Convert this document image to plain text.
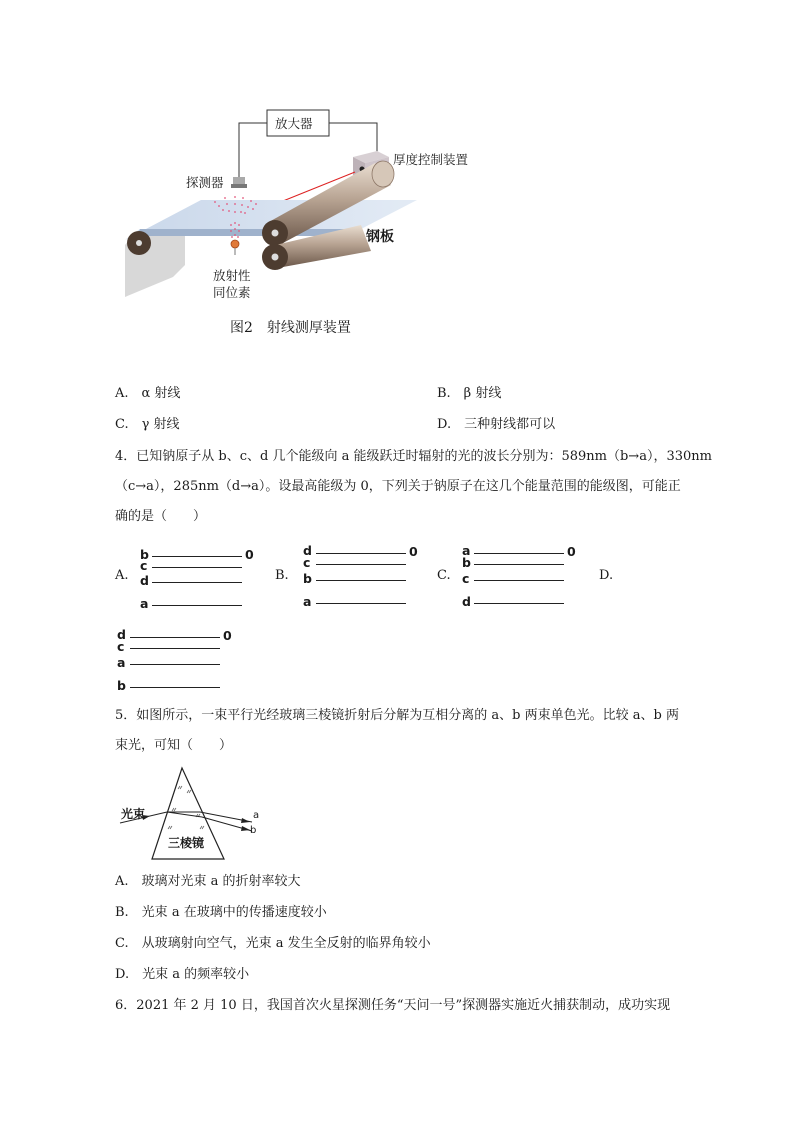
放大器
厚度控制装置
探测器
钢板
放射性
同位素
图2　射线测厚装置
A.　α 射线	B.　β 射线
C.　γ 射线	D.　三种射线都可以
4．已知钠原子从 b、c、d 几个能级向 a 能级跃迁时辐射的光的波长分别为：589nm（b→a），330nm
（c→a），285nm（d→a）。设最高能级为 0，下列关于钠原子在这几个能量范围的能级图，可能正
确的是（　　）
A.
b	0
c
d
a
B.
d	0
c
b
a
C.
a	0
b
c
d
D.
d	0
c
a
b
5．如图所示，一束平行光经玻璃三棱镜折射后分解为互相分离的 a、b 两束单色光。比较 a、b 两
束光，可知（　　）
光束
三棱镜
a
b
A.　玻璃对光束 a 的折射率较大
B.　光束 a 在玻璃中的传播速度较小
C.　从玻璃射向空气，光束 a 发生全反射的临界角较小
D.　光束 a 的频率较小
6．2021 年 2 月 10 日，我国首次火星探测任务“天问一号”探测器实施近火捕获制动，成功实现
